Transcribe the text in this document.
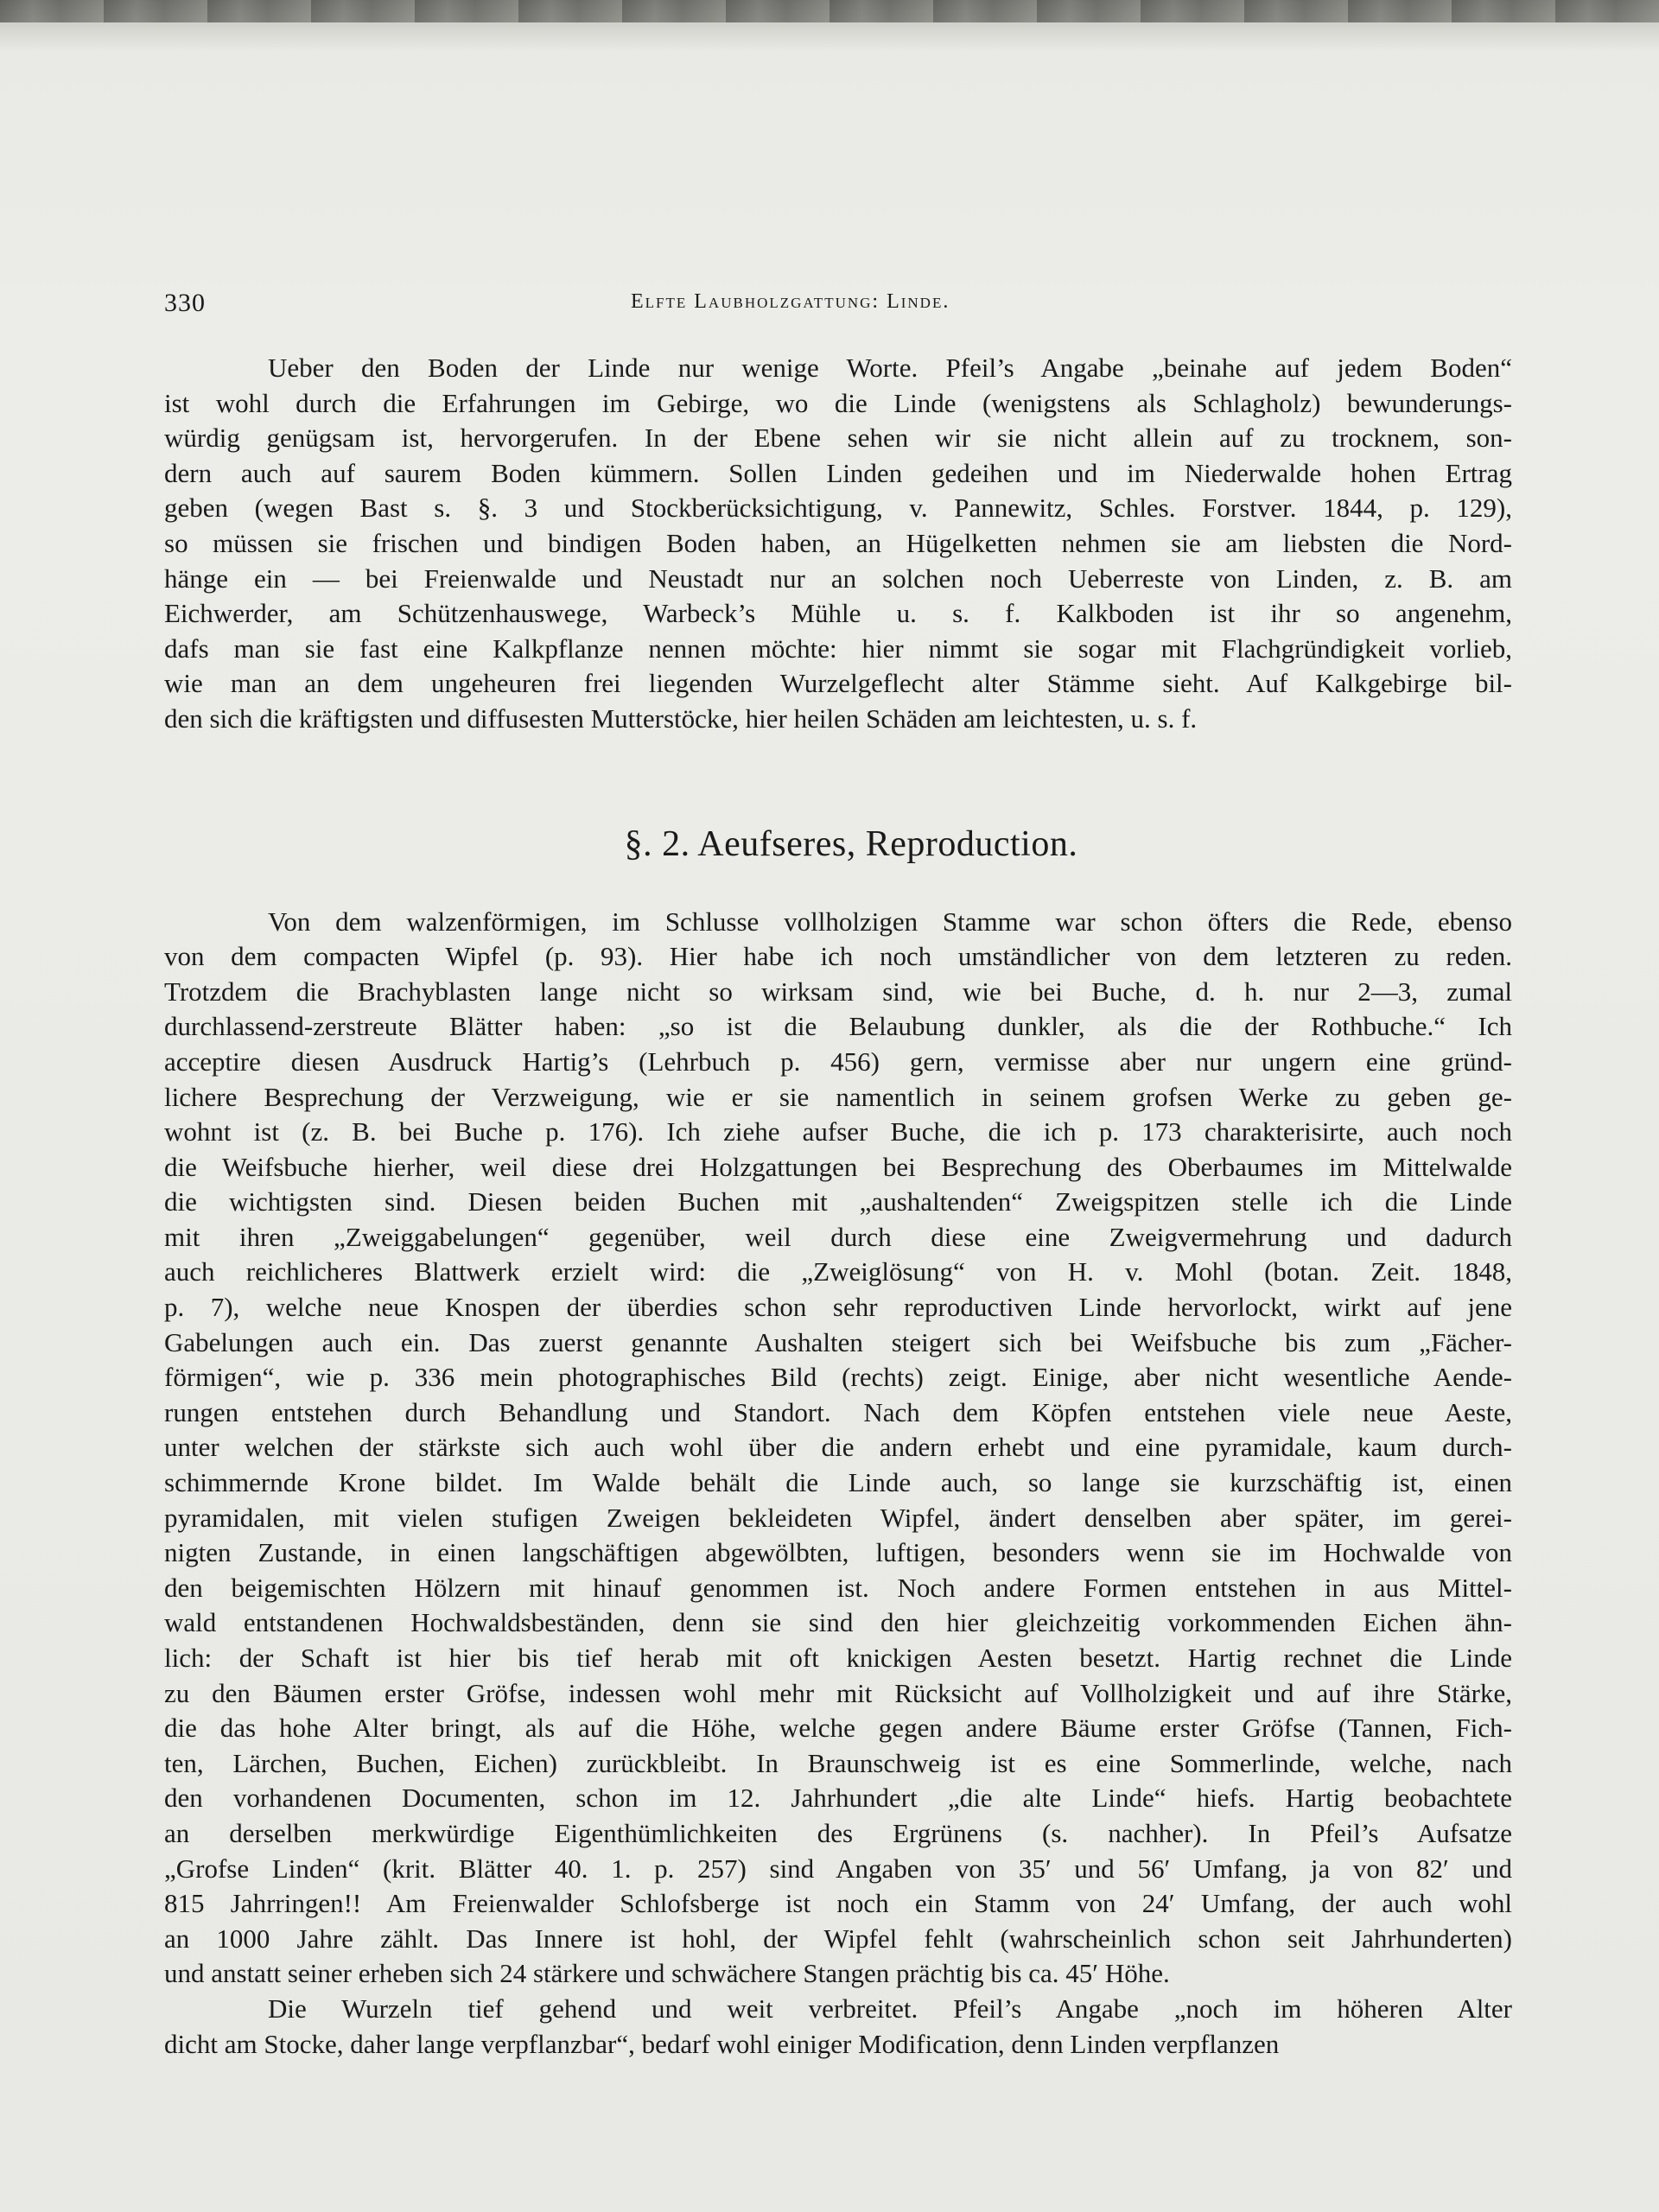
330	Elfte Laubholzgattung: Linde.

Ueber den Boden der Linde nur wenige Worte. Pfeil’s Angabe „beinahe auf jedem Boden“
ist wohl durch die Erfahrungen im Gebirge, wo die Linde (wenigstens als Schlagholz) bewunderungs-
würdig genügsam ist, hervorgerufen. In der Ebene sehen wir sie nicht allein auf zu trocknem, son-
dern auch auf saurem Boden kümmern. Sollen Linden gedeihen und im Niederwalde hohen Ertrag
geben (wegen Bast s. §. 3 und Stockberücksichtigung, v. Pannewitz, Schles. Forstver. 1844, p. 129),
so müssen sie frischen und bindigen Boden haben, an Hügelketten nehmen sie am liebsten die Nord-
hänge ein — bei Freienwalde und Neustadt nur an solchen noch Ueberreste von Linden, z. B. am
Eichwerder, am Schützenhauswege, Warbeck’s Mühle u. s. f. Kalkboden ist ihr so angenehm,
dafs man sie fast eine Kalkpflanze nennen möchte: hier nimmt sie sogar mit Flachgründigkeit vorlieb,
wie man an dem ungeheuren frei liegenden Wurzelgeflecht alter Stämme sieht. Auf Kalkgebirge bil-
den sich die kräftigsten und diffusesten Mutterstöcke, hier heilen Schäden am leichtesten, u. s. f.

§. 2. Aeufseres, Reproduction.

Von dem walzenförmigen, im Schlusse vollholzigen Stamme war schon öfters die Rede, ebenso
von dem compacten Wipfel (p. 93). Hier habe ich noch umständlicher von dem letzteren zu reden.
Trotzdem die Brachyblasten lange nicht so wirksam sind, wie bei Buche, d. h. nur 2—3, zumal
durchlassend-zerstreute Blätter haben: „so ist die Belaubung dunkler, als die der Rothbuche.“ Ich
acceptire diesen Ausdruck Hartig’s (Lehrbuch p. 456) gern, vermisse aber nur ungern eine gründ-
lichere Besprechung der Verzweigung, wie er sie namentlich in seinem grofsen Werke zu geben ge-
wohnt ist (z. B. bei Buche p. 176). Ich ziehe aufser Buche, die ich p. 173 charakterisirte, auch noch
die Weifsbuche hierher, weil diese drei Holzgattungen bei Besprechung des Oberbaumes im Mittelwalde
die wichtigsten sind. Diesen beiden Buchen mit „aushaltenden“ Zweigspitzen stelle ich die Linde
mit ihren „Zweiggabelungen“ gegenüber, weil durch diese eine Zweigvermehrung und dadurch
auch reichlicheres Blattwerk erzielt wird: die „Zweiglösung“ von H. v. Mohl (botan. Zeit. 1848,
p. 7), welche neue Knospen der überdies schon sehr reproductiven Linde hervorlockt, wirkt auf jene
Gabelungen auch ein. Das zuerst genannte Aushalten steigert sich bei Weifsbuche bis zum „Fächer-
förmigen“, wie p. 336 mein photographisches Bild (rechts) zeigt. Einige, aber nicht wesentliche Aende-
rungen entstehen durch Behandlung und Standort. Nach dem Köpfen entstehen viele neue Aeste,
unter welchen der stärkste sich auch wohl über die andern erhebt und eine pyramidale, kaum durch-
schimmernde Krone bildet. Im Walde behält die Linde auch, so lange sie kurzschäftig ist, einen
pyramidalen, mit vielen stufigen Zweigen bekleideten Wipfel, ändert denselben aber später, im gerei-
nigten Zustande, in einen langschäftigen abgewölbten, luftigen, besonders wenn sie im Hochwalde von
den beigemischten Hölzern mit hinauf genommen ist. Noch andere Formen entstehen in aus Mittel-
wald entstandenen Hochwaldsbeständen, denn sie sind den hier gleichzeitig vorkommenden Eichen ähn-
lich: der Schaft ist hier bis tief herab mit oft knickigen Aesten besetzt. Hartig rechnet die Linde
zu den Bäumen erster Gröfse, indessen wohl mehr mit Rücksicht auf Vollholzigkeit und auf ihre Stärke,
die das hohe Alter bringt, als auf die Höhe, welche gegen andere Bäume erster Gröfse (Tannen, Fich-
ten, Lärchen, Buchen, Eichen) zurückbleibt. In Braunschweig ist es eine Sommerlinde, welche, nach
den vorhandenen Documenten, schon im 12. Jahrhundert „die alte Linde“ hiefs. Hartig beobachtete
an derselben merkwürdige Eigenthümlichkeiten des Ergrünens (s. nachher). In Pfeil’s Aufsatze
„Grofse Linden“ (krit. Blätter 40. 1. p. 257) sind Angaben von 35′ und 56′ Umfang, ja von 82′ und
815 Jahrringen!! Am Freienwalder Schlofsberge ist noch ein Stamm von 24′ Umfang, der auch wohl
an 1000 Jahre zählt. Das Innere ist hohl, der Wipfel fehlt (wahrscheinlich schon seit Jahrhunderten)
und anstatt seiner erheben sich 24 stärkere und schwächere Stangen prächtig bis ca. 45′ Höhe.

Die Wurzeln tief gehend und weit verbreitet. Pfeil’s Angabe „noch im höheren Alter
dicht am Stocke, daher lange verpflanzbar“, bedarf wohl einiger Modification, denn Linden verpflanzen
